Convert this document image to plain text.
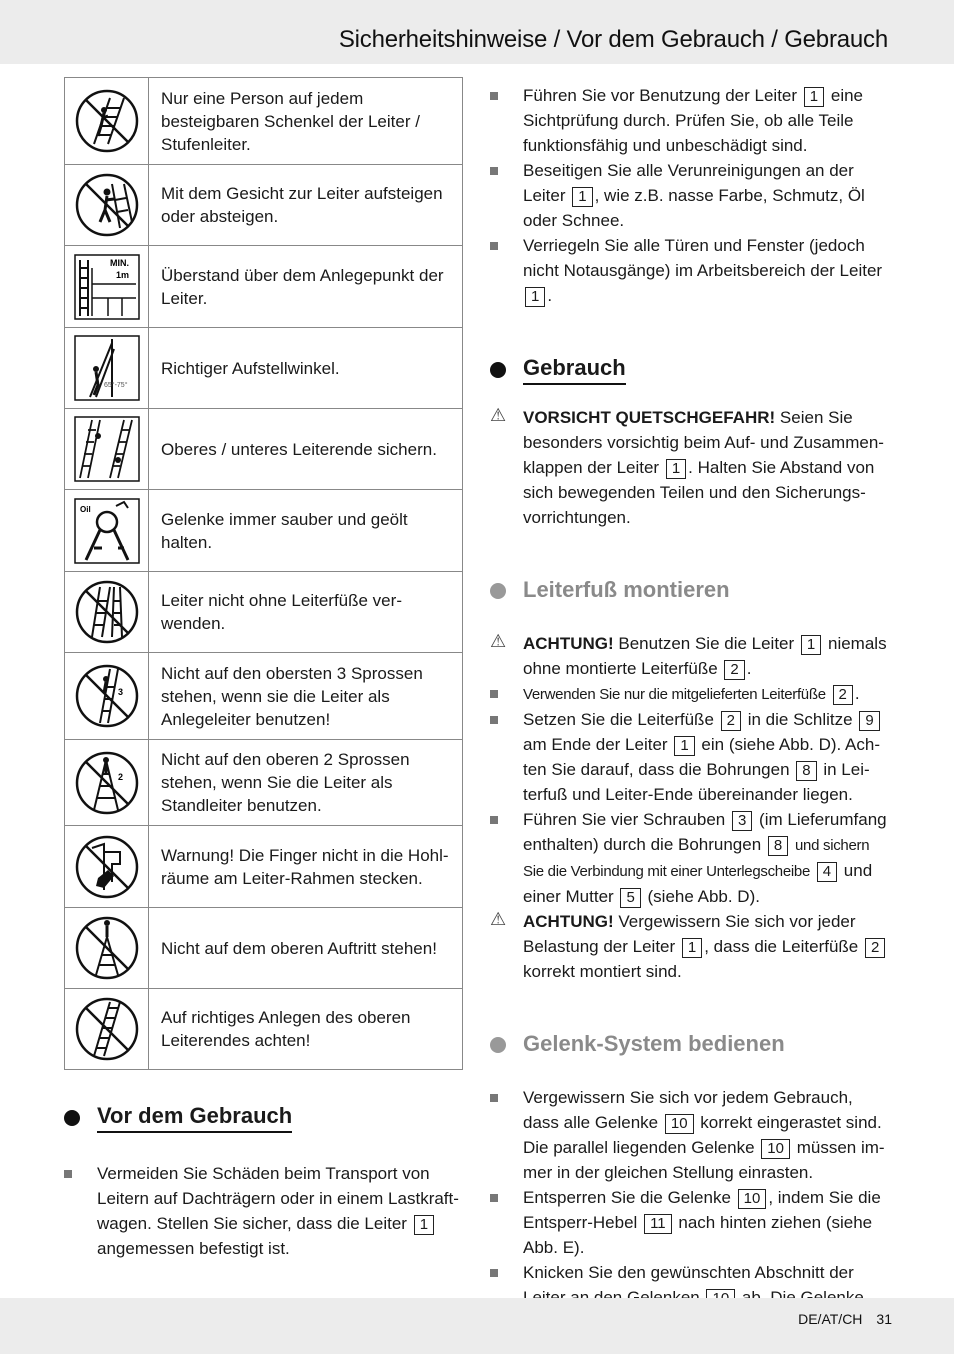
Sicherheitshinweise / Vor dem Gebrauch / Gebrauch
	Nur eine Person auf jedem besteigbaren Schenkel der Leiter / Stufenleiter.

	Mit dem Gesicht zur Leiter aufsteigen oder absteigen.

MIN.
1m	Überstand über dem Anlegepunkt der Leiter.

65°-75°	Richtiger Aufstellwinkel.

	Oberes / unteres Leiterende sichern.

Oil	Gelenke immer sauber und geölt halten.

	Leiter nicht ohne Leiterfüße verwenden.

3	Nicht auf den obersten 3 Sprossen stehen, wenn sie die Leiter als Anlegeleiter benutzen!

2	Nicht auf den oberen 2 Sprossen stehen, wenn Sie die Leiter als Standleiter benutzen.

	Warnung! Die Finger nicht in die Hohlräume am Leiter-Rahmen stecken.

	Nicht auf dem oberen Auftritt stehen!

	Auf richtiges Anlegen des oberen Leiterendes achten!
Vor dem Gebrauch

Vermeiden Sie Schäden beim Transport von Leitern auf Dachträgern oder in einem Lastkraftwagen. Stellen Sie sicher, dass die Leiter 1 angemessen befestigt ist.

Führen Sie vor Benutzung der Leiter 1 eine Sichtprüfung durch. Prüfen Sie, ob alle Teile funktionsfähig und unbeschädigt sind.

Beseitigen Sie alle Verunreinigungen an der Leiter 1 , wie z.B. nasse Farbe, Schmutz, Öl oder Schnee.

Verriegeln Sie alle Türen und Fenster (jedoch nicht Notausgänge) im Arbeitsbereich der Leiter 1 .

Gebrauch

⚠ VORSICHT QUETSCHGEFAHR! Seien Sie besonders vorsichtig beim Auf- und Zusammenklappen der Leiter 1 . Halten Sie Abstand von sich bewegenden Teilen und den Sicherungsvorrichtungen.

Leiterfuß montieren

⚠ ACHTUNG! Benutzen Sie die Leiter 1 niemals ohne montierte Leiterfüße 2 .

Verwenden Sie nur die mitgelieferten Leiterfüße 2 .

Setzen Sie die Leiterfüße 2 in die Schlitze 9 am Ende der Leiter 1 ein (siehe Abb. D). Achten Sie darauf, dass die Bohrungen 8 in Leiterfuß und Leiter-Ende übereinander liegen.

Führen Sie vier Schrauben 3 (im Lieferumfang enthalten) durch die Bohrungen 8 und sichern Sie die Verbindung mit einer Unterlegscheibe 4 und einer Mutter 5 (siehe Abb. D).

⚠ ACHTUNG! Vergewissern Sie sich vor jeder Belastung der Leiter 1 , dass die Leiterfüße 2 korrekt montiert sind.

Gelenk-System bedienen

Vergewissern Sie sich vor jedem Gebrauch, dass alle Gelenke 10 korrekt eingerastet sind. Die parallel liegenden Gelenke 10 müssen immer in der gleichen Stellung einrasten.

Entsperren Sie die Gelenke 10 , indem Sie die Entsperr-Hebel 11 nach hinten ziehen (siehe Abb. E).

Knicken Sie den gewünschten Abschnitt der

DE/AT/CH 31
